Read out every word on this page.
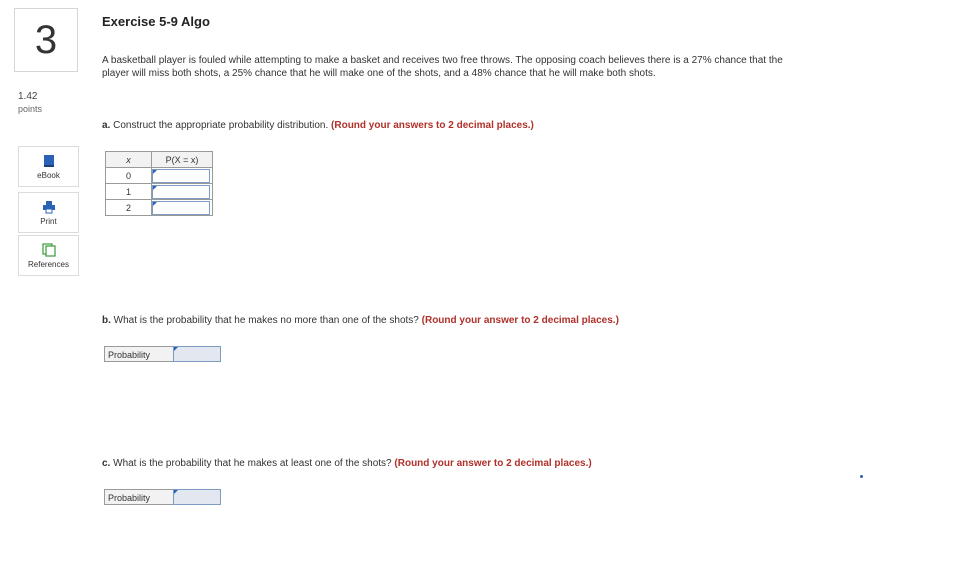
3
1.42
points
eBook
Print
References
Exercise 5-9 Algo
A basketball player is fouled while attempting to make a basket and receives two free throws. The opposing coach believes there is a 27% chance that the player will miss both shots, a 25% chance that he will make one of the shots, and a 48% chance that he will make both shots.
a. Construct the appropriate probability distribution. (Round your answers to 2 decimal places.)
x	P(X = x)
0	

1	

2	
b. What is the probability that he makes no more than one of the shots? (Round your answer to 2 decimal places.)
Probability
c. What is the probability that he makes at least one of the shots? (Round your answer to 2 decimal places.)
Probability
